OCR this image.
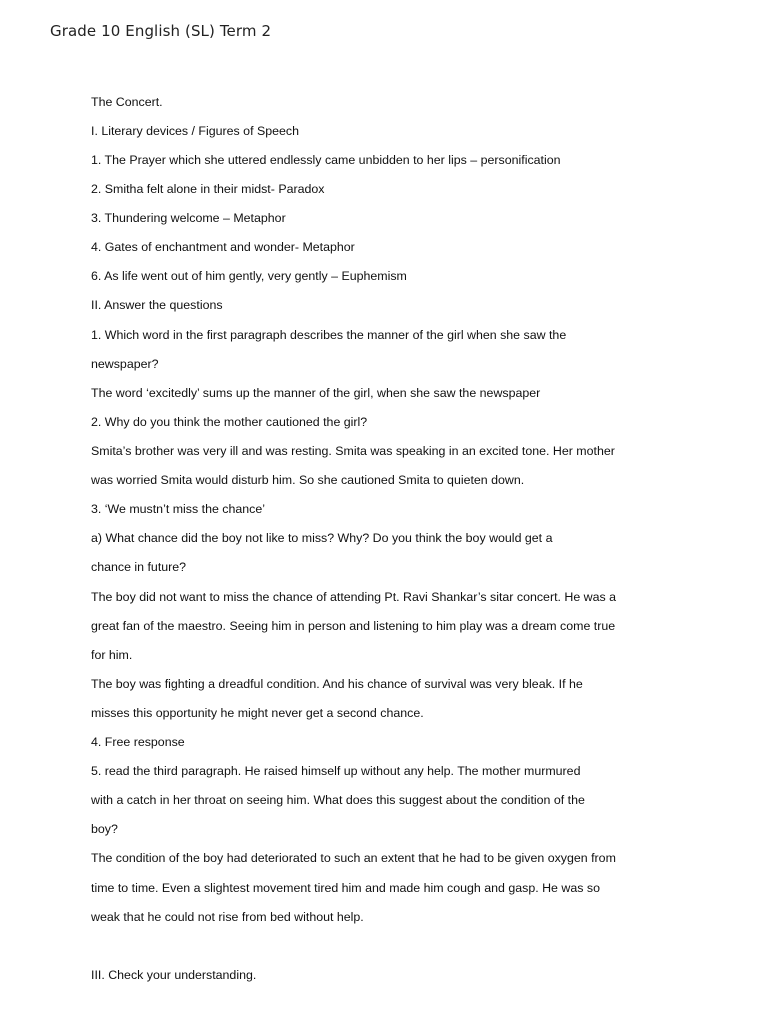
Grade 10 English (SL) Term 2
The Concert.
I. Literary devices / Figures of Speech
1. The Prayer which she uttered endlessly came unbidden to her lips – personification
2. Smitha felt alone in their midst- Paradox
3. Thundering welcome – Metaphor
4. Gates of enchantment and wonder- Metaphor
6. As life went out of him gently, very gently – Euphemism
II. Answer the questions
1. Which word in the first paragraph describes the manner of the girl when she saw the
newspaper?
The word ‘excitedly’ sums up the manner of the girl, when she saw the newspaper
2. Why do you think the mother cautioned the girl?
Smita’s brother was very ill and was resting. Smita was speaking in an excited tone. Her mother
was worried Smita would disturb him. So she cautioned Smita to quieten down.
3. ‘We mustn’t miss the chance’
a) What chance did the boy not like to miss? Why? Do you think the boy would get a
chance in future?
The boy did not want to miss the chance of attending Pt. Ravi Shankar’s sitar concert. He was a
great fan of the maestro. Seeing him in person and listening to him play was a dream come true
for him.
The boy was fighting a dreadful condition. And his chance of survival was very bleak. If he
misses this opportunity he might never get a second chance.
4. Free response
5. read the third paragraph. He raised himself up without any help. The mother murmured
with a catch in her throat on seeing him. What does this suggest about the condition of the
boy?
The condition of the boy had deteriorated to such an extent that he had to be given oxygen from
time to time. Even a slightest movement tired him and made him cough and gasp. He was so
weak that he could not rise from bed without help.
III. Check your understanding.
